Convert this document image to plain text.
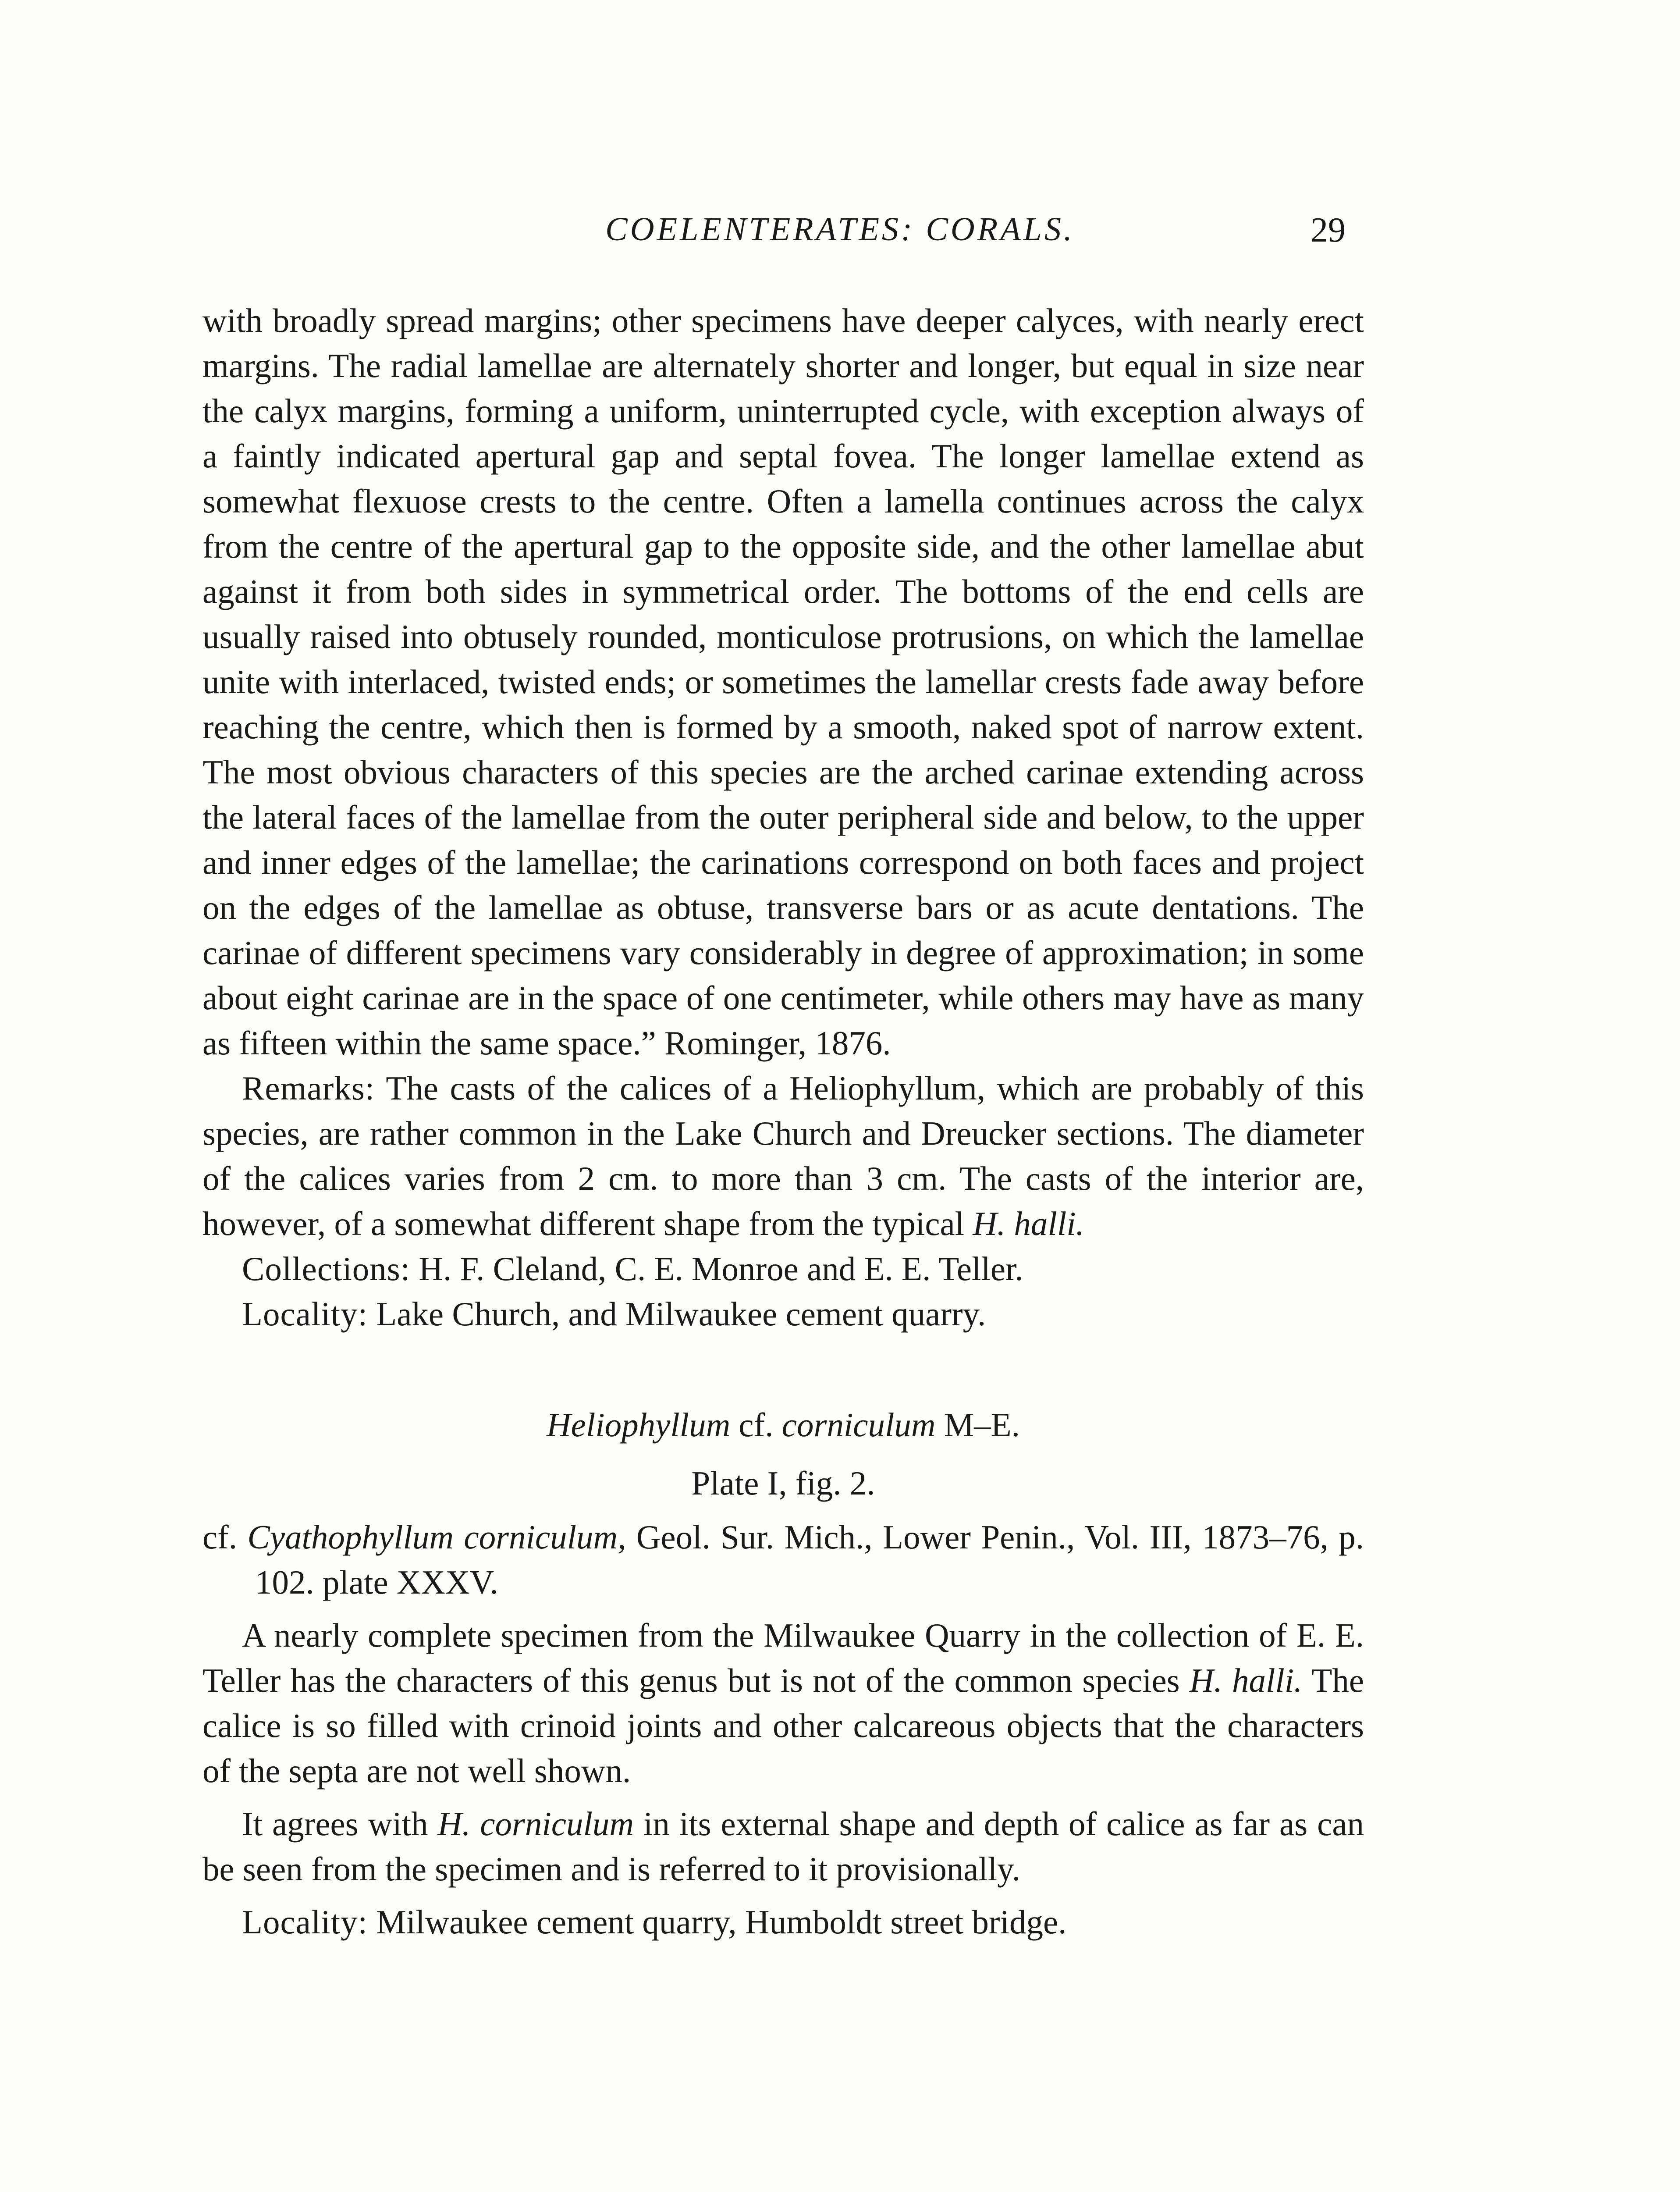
COELENTERATES: CORALS.	29

with broadly spread margins; other specimens have deeper calyces, with nearly erect margins. The radial lamellae are alternately shorter and longer, but equal in size near the calyx margins, forming a uniform, uninterrupted cycle, with exception always of a faintly indicated apertural gap and septal fovea. The longer lamellae extend as somewhat flexuose crests to the centre. Often a lamella continues across the calyx from the centre of the apertural gap to the opposite side, and the other lamellae abut against it from both sides in symmetrical order. The bottoms of the end cells are usually raised into obtusely rounded, monticulose protrusions, on which the lamellae unite with interlaced, twisted ends; or sometimes the lamellar crests fade away before reaching the centre, which then is formed by a smooth, naked spot of narrow extent. The most obvious characters of this species are the arched carinae extending across the lateral faces of the lamellae from the outer peripheral side and below, to the upper and inner edges of the lamellae; the carinations correspond on both faces and project on the edges of the lamellae as obtuse, transverse bars or as acute dentations. The carinae of different specimens vary considerably in degree of approximation; in some about eight carinae are in the space of one centimeter, while others may have as many as fifteen within the same space.” Rominger, 1876.

Remarks: The casts of the calices of a Heliophyllum, which are probably of this species, are rather common in the Lake Church and Dreucker sections. The diameter of the calices varies from 2 cm. to more than 3 cm. The casts of the interior are, however, of a somewhat different shape from the typical H. halli.

Collections: H. F. Cleland, C. E. Monroe and E. E. Teller.

Locality: Lake Church, and Milwaukee cement quarry.

Heliophyllum cf. corniculum M–E.

Plate I, fig. 2.

cf. Cyathophyllum corniculum, Geol. Sur. Mich., Lower Penin., Vol. III, 1873–76, p. 102. plate XXXV.

A nearly complete specimen from the Milwaukee Quarry in the collection of E. E. Teller has the characters of this genus but is not of the common species H. halli. The calice is so filled with crinoid joints and other calcareous objects that the characters of the septa are not well shown.

It agrees with H. corniculum in its external shape and depth of calice as far as can be seen from the specimen and is referred to it provisionally.

Locality: Milwaukee cement quarry, Humboldt street bridge.
